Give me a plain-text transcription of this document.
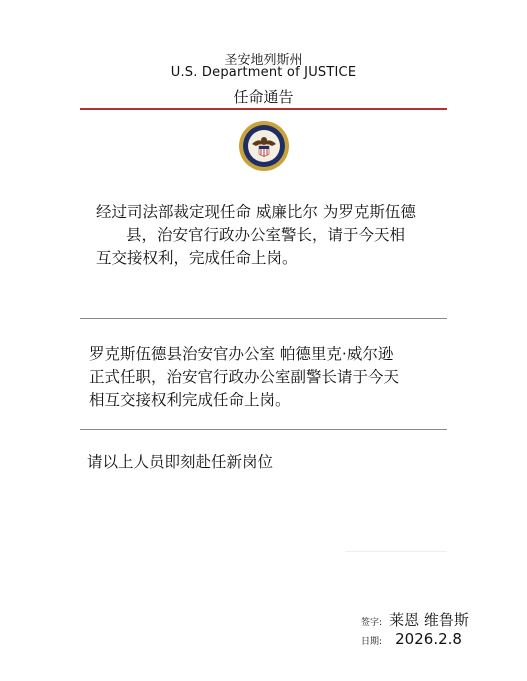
圣安地列斯州
U.S. Department of JUSTICE
任命通告
经过司法部裁定现任命 威廉比尔 为罗克斯伍德
县，治安官行政办公室警长，请于今天相
互交接权利，完成任命上岗。
罗克斯伍德县治安官办公室 帕德里克·威尔逊
正式任职，治安官行政办公室副警长请于今天
相互交接权利完成任命上岗。
请以上人员即刻赴任新岗位
签字: 莱恩 维鲁斯
日期: 2026.2.8
